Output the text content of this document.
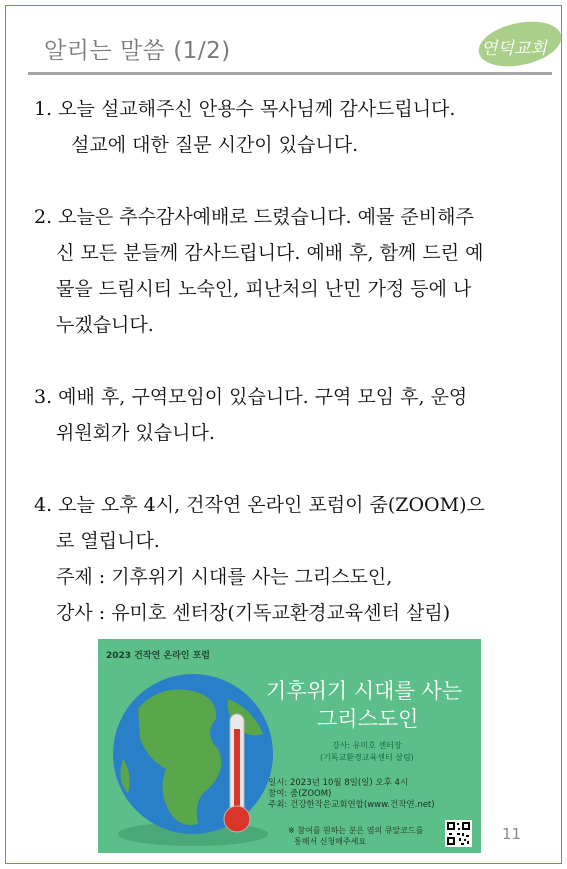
알리는 말씀 (1/2)	연덕교회

1. 오늘 설교해주신 안용수 목사님께 감사드립니다.

설교에 대한 질문 시간이 있습니다.

2. 오늘은 추수감사예배로 드렸습니다. 예물 준비해주

신 모든 분들께 감사드립니다. 예배 후, 함께 드린 예

물을 드림시티 노숙인, 피난처의 난민 가정 등에 나

누겠습니다.

3. 예배 후, 구역모임이 있습니다. 구역 모임 후, 운영

위원회가 있습니다.

4. 오늘 오후 4시, 건작연 온라인 포럼이 줌(ZOOM)으

로 열립니다.

주제 : 기후위기 시대를 사는 그리스도인,

강사 : 유미호 센터장(기독교환경교육센터 살림)

2023 건작연 온라인 포럼
기후위기 시대를 사는
그리스도인
강사: 유미호 센터장
(기독교환경교육센터 살림)
일시: 2023년 10월 8일(일) 오후 4시
참여: 줌(ZOOM)
주최: 건강한작은교회연합(www.건작연.net)
※ 참여를 원하는 분은 옆의 큐알코드를
통해서 신청해주세요	11
